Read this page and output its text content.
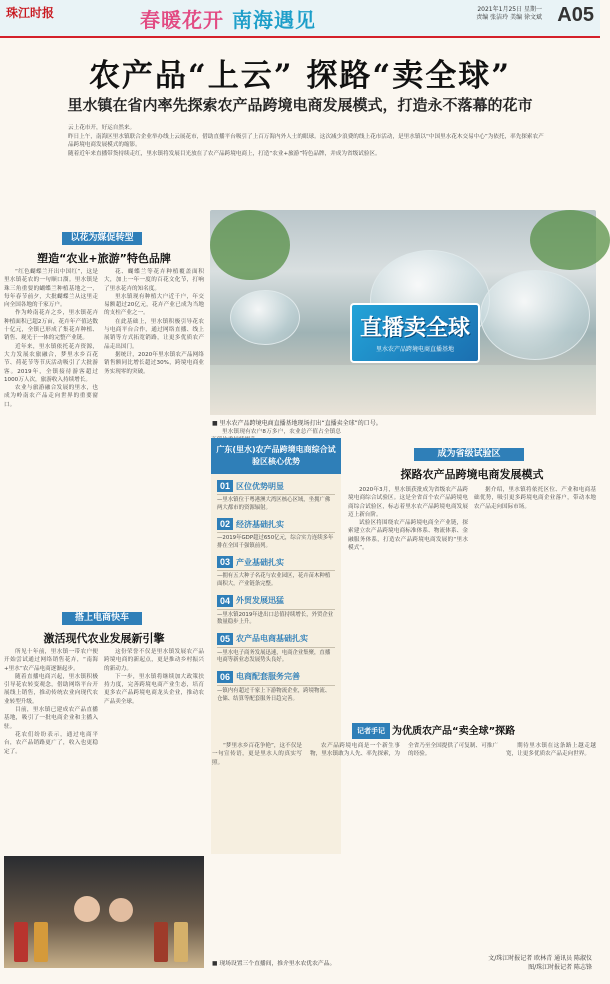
珠江时报	春暖花开 南海遇见	2021年1月25日 星期一
责编 张洁玲 美编 徐文斌 A05
农产品“上云” 探路“卖全球”
里水镇在省内率先探索农产品跨境电商发展模式，打造永不落幕的花市

云上花市开，好运自然来。

昨日上午，南海区里水镇联合企业举办线上云展花市，借助直播平台吸引了上百万海内外人士的眼球。这次减少浪费的线上花市活动，是里水镇以“中国里水花木交易中心”为依托，率先探索农产品跨境电商发展模式的缩影。

随着近年来直播带货持续走红，里水镇将发展目光放在了农产品跨境电商上，打造“农业+旅游”特色品牌，并成为省级试验区。

以花为媒促转型
塑造“农业+旅游”特色品牌

“红色蝴蝶兰开出中国红”，这是里水镇花农的一句顺口溜。里水镇是珠三角重要的蝴蝶兰种植基地之一，每年春节前夕，大批蝴蝶兰从这里走向全国各地的千家万户。

作为岭南花卉之乡，里水镇花卉种植面积已超2万亩，花卉年产值达数十亿元，全镇已形成了集花卉种植、销售、观光于一体的完整产业链。

近年来，里水镇依托花卉资源，大力发展农旅融合，梦里水乡百花节、荷花节等节庆活动吸引了大批游客。2019年，全镇接待游客超过1000万人次，旅游收入持续增长。

农业与旅游融合发展的里水，也成为岭南农产品走向世界的重要窗口。

花、蝴蝶兰等花卉种植覆盖面积大，加上一年一度的百花文化节，打响了里水花卉的知名度。

里水镇现有种植大户近千户，年交易额超过20亿元，花卉产业已成为当地的支柱产业之一。

在此基础上，里水镇积极引导花农与电商平台合作，通过网络直播、线上展销等方式拓宽销路，让更多优质农产品走出国门。

据统计，2020年里水镇农产品网络销售额同比增长超过30%，跨境电商业务实现零的突破。

直播卖全球
里水农产品跨境电商直播基地
■ 里水农产品跨境电商直播基地现场打出“直播卖全球”的口号。

里水镇现有农户8万多户，农业总产值占全镇总

广东(里水)农产品跨境电商综合试验区核心优势
01 区位优势明显
—里水镇位于粤港澳大湾区核心区域，坐拥广佛两大都市的资源辐射。
02 经济基础扎实
—2019年GDP超过650亿元，综合实力连续多年排在全国千强镇前列。
03 产业基础扎实
—拥有五大种子名花与农业园区，花卉苗木种植面积大，产业链条完整。
04 外贸发展迅猛
—里水镇2019年进出口总值持续增长，外贸企业数量稳步上升。
05 农产品电商基础扎实
—里水电子商务发展迅速，电商企业集聚，直播电商等新业态发展势头良好。
06 电商配套服务完善
—镇内有超过千家上下游物流企业，跨境物流、仓储、结算等配套服务日趋完善。
搭上电商快车
激活现代农业发展新引擎

所见十年前，里水镇一带农户便开始尝试通过网络销售花卉，“南海+里水”农产品电商逐渐起步。

随着直播电商兴起，里水镇积极引导花农转变观念，借助网络平台开展线上销售，推动传统农业向现代农业转型升级。

目前，里水镇已建成农产品直播基地，吸引了一批电商企业和主播入驻。

花农们纷纷表示，通过电商平台，农产品销路更广了，收入也更稳定了。

这份荣誉不仅是里水镇发展农产品跨境电商的新起点，更是推动乡村振兴的新动力。

下一步，里水镇将继续加大政策扶持力度，完善跨境电商产业生态，培育更多农产品跨境电商龙头企业，推动农产品卖全球。

成为省级试验区
探路农产品跨境电商发展模式

2020年3月，里水镇获批成为省级农产品跨境电商综合试验区。这是全省首个农产品跨境电商综合试验区，标志着里水农产品跨境电商发展迈上新台阶。

试验区将围绕农产品跨境电商全产业链，探索建立农产品跨境电商标准体系、物流体系、金融服务体系，打造农产品跨境电商发展的“里水模式”。

据介绍，里水镇将依托区位、产业和电商基础优势，吸引更多跨境电商企业落户，带动本地农产品走向国际市场。

记者手记 为优质农产品“卖全球”探路

“梦里水乡百花争艳”，这不仅是一句宣传语，更是里水人的真实写照。

农产品跨境电商是一个新生事物，里水镇敢为人先、率先探索，为全省乃至全国提供了可复制、可推广的经验。

期待里水镇在这条路上越走越宽，让更多优质农产品走向世界。

■ 现场设置三个直播间，推介里水农优农产品。
文/珠江时报记者 欧林青 通讯员 陈淑仪
图/珠江时报记者 陈志锋
